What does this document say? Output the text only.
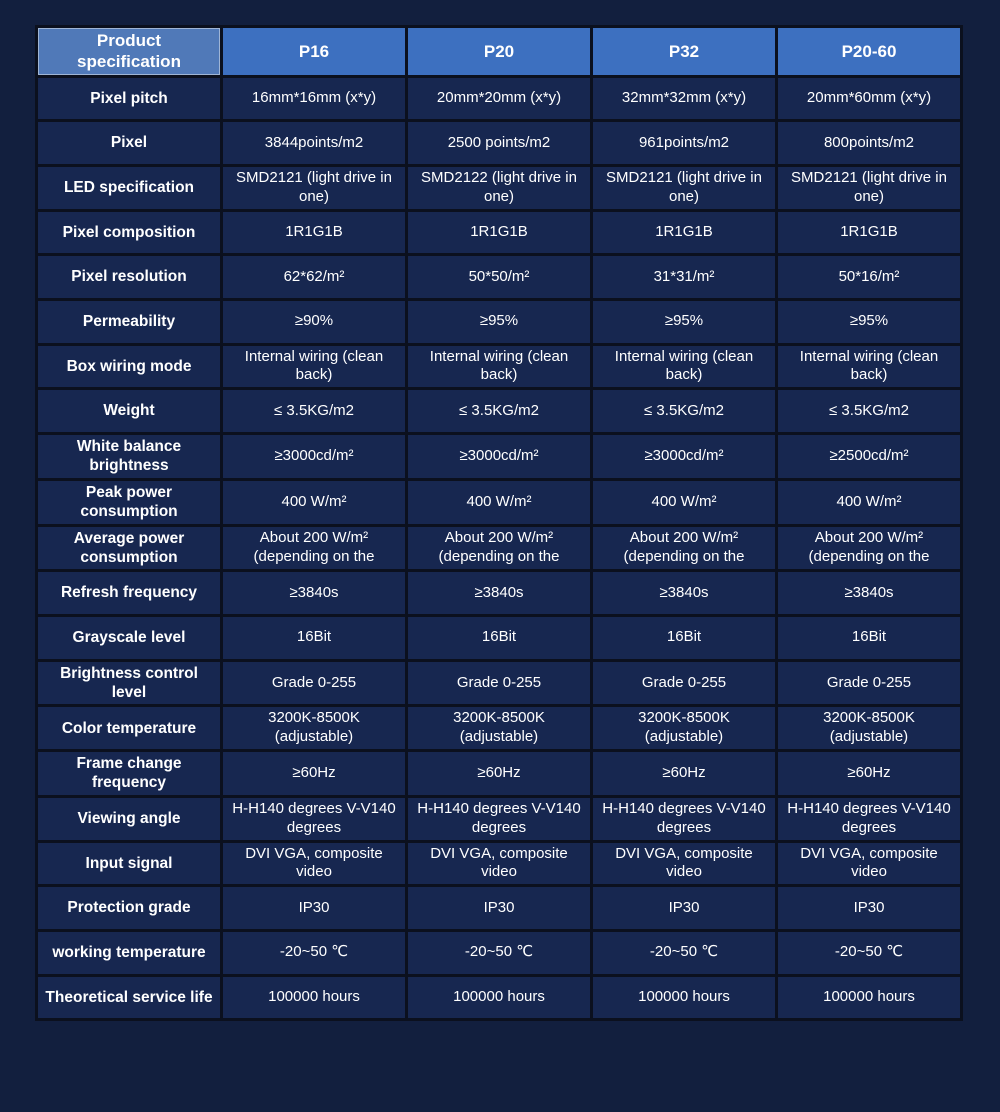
Product specification	P16	P20	P32	P20-60
Pixel pitch	16mm*16mm (x*y)	20mm*20mm (x*y)	32mm*32mm (x*y)	20mm*60mm (x*y)
Pixel	3844points/m2	2500 points/m2	961points/m2	800points/m2
LED specification	SMD2121 (light drive in one)	SMD2122 (light drive in one)	SMD2121 (light drive in one)	SMD2121 (light drive in one)
Pixel composition	1R1G1B	1R1G1B	1R1G1B	1R1G1B
Pixel resolution	62*62/m²	50*50/m²	31*31/m²	50*16/m²
Permeability	≥90%	≥95%	≥95%	≥95%
Box wiring mode	Internal wiring (clean back)	Internal wiring (clean back)	Internal wiring (clean back)	Internal wiring (clean back)
Weight	≤ 3.5KG/m2	≤ 3.5KG/m2	≤ 3.5KG/m2	≤ 3.5KG/m2
White balance brightness	≥3000cd/m²	≥3000cd/m²	≥3000cd/m²	≥2500cd/m²
Peak power consumption	400 W/m²	400 W/m²	400 W/m²	400 W/m²
Average power consumption	About 200 W/m² (depending on the	About 200 W/m² (depending on the	About 200 W/m² (depending on the	About 200 W/m² (depending on the
Refresh frequency	≥3840s	≥3840s	≥3840s	≥3840s
Grayscale level	16Bit	16Bit	16Bit	16Bit
Brightness control level	Grade 0-255	Grade 0-255	Grade 0-255	Grade 0-255
Color temperature	3200K-8500K (adjustable)	3200K-8500K (adjustable)	3200K-8500K (adjustable)	3200K-8500K (adjustable)
Frame change frequency	≥60Hz	≥60Hz	≥60Hz	≥60Hz
Viewing angle	H-H140 degrees V-V140 degrees	H-H140 degrees V-V140 degrees	H-H140 degrees V-V140 degrees	H-H140 degrees V-V140 degrees
Input signal	DVI VGA, composite video	DVI VGA, composite video	DVI VGA, composite video	DVI VGA, composite video
Protection grade	IP30	IP30	IP30	IP30
working temperature	-20~50 ℃	-20~50 ℃	-20~50 ℃	-20~50 ℃
Theoretical service life	100000 hours	100000 hours	100000 hours	100000 hours
